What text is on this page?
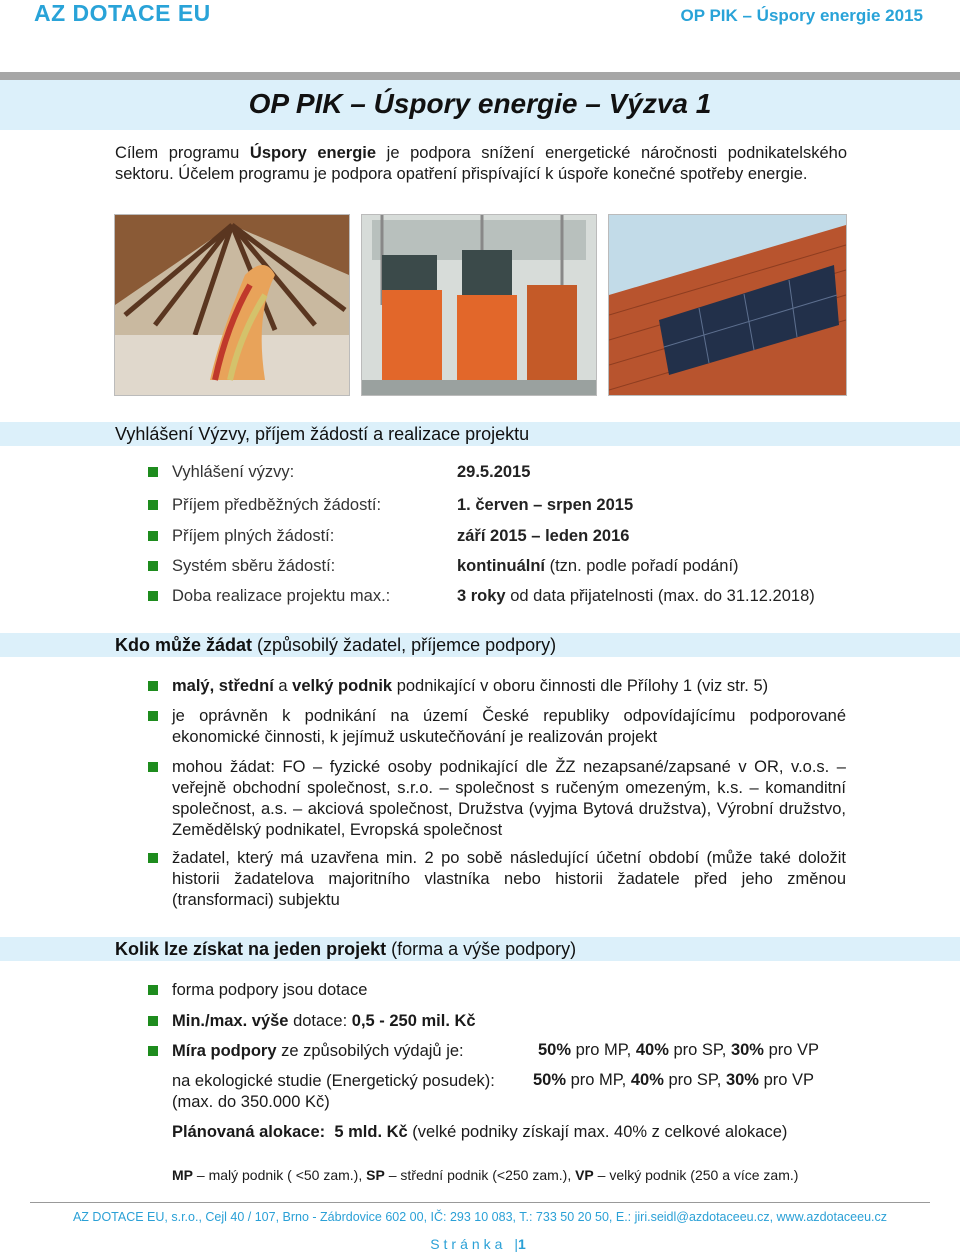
AZ DOTACE EU	OP PIK – Úspory energie 2015
OP PIK – Úspory energie – Výzva 1
Cílem programu Úspory energie je podpora snížení energetické náročnosti podnikatelského sektoru. Účelem programu je podpora opatření přispívající k úspoře konečné spotřeby energie.
Vyhlášení Výzvy, příjem žádostí a realizace projektu
Vyhlášení výzvy:	29.5.2015
Příjem předběžných žádostí:	1. červen – srpen 2015
Příjem plných žádostí:	září 2015 – leden 2016
Systém sběru žádostí:	kontinuální (tzn. podle pořadí podání)
Doba realizace projektu max.:	3 roky od data přijatelnosti (max. do 31.12.2018)
Kdo může žádat (způsobilý žadatel, příjemce podpory)
malý, střední a velký podnik podnikající v oboru činnosti dle Přílohy 1 (viz str. 5)
je oprávněn k podnikání na území České republiky odpovídajícímu podporované ekonomické činnosti, k jejímuž uskutečňování je realizován projekt
mohou žádat: FO – fyzické osoby podnikající dle ŽZ nezapsané/zapsané v OR, v.o.s. – veřejně obchodní společnost, s.r.o. – společnost s ručeným omezeným, k.s. – komanditní společnost, a.s. – akciová společnost, Družstva (vyjma Bytová družstva), Výrobní družstvo, Zemědělský podnikatel, Evropská společnost
žadatel, který má uzavřena min. 2 po sobě následující účetní období (může také doložit historii žadatelova majoritního vlastníka nebo historii žadatele před jeho změnou (transformaci) subjektu
Kolik lze získat na jeden projekt (forma a výše podpory)
forma podpory jsou dotace
Min./max. výše dotace: 0,5 - 250 mil. Kč
Míra podpory ze způsobilých výdajů je:	50% pro MP, 40% pro SP, 30% pro VP
na ekologické studie (Energetický posudek):	50% pro MP, 40% pro SP, 30% pro VP
(max. do 350.000 Kč)
Plánovaná alokace: 5 mld. Kč (velké podniky získají max. 40% z celkové alokace)
MP – malý podnik ( <50 zam.), SP – střední podnik (<250 zam.), VP – velký podnik (250 a více zam.)
AZ DOTACE EU, s.r.o., Cejl 40 / 107, Brno - Zábrdovice 602 00, IČ: 293 10 083, T.: 733 50 20 50, E.: jiri.seidl@azdotaceeu.cz, www.azdotaceeu.cz
Stránka |1
